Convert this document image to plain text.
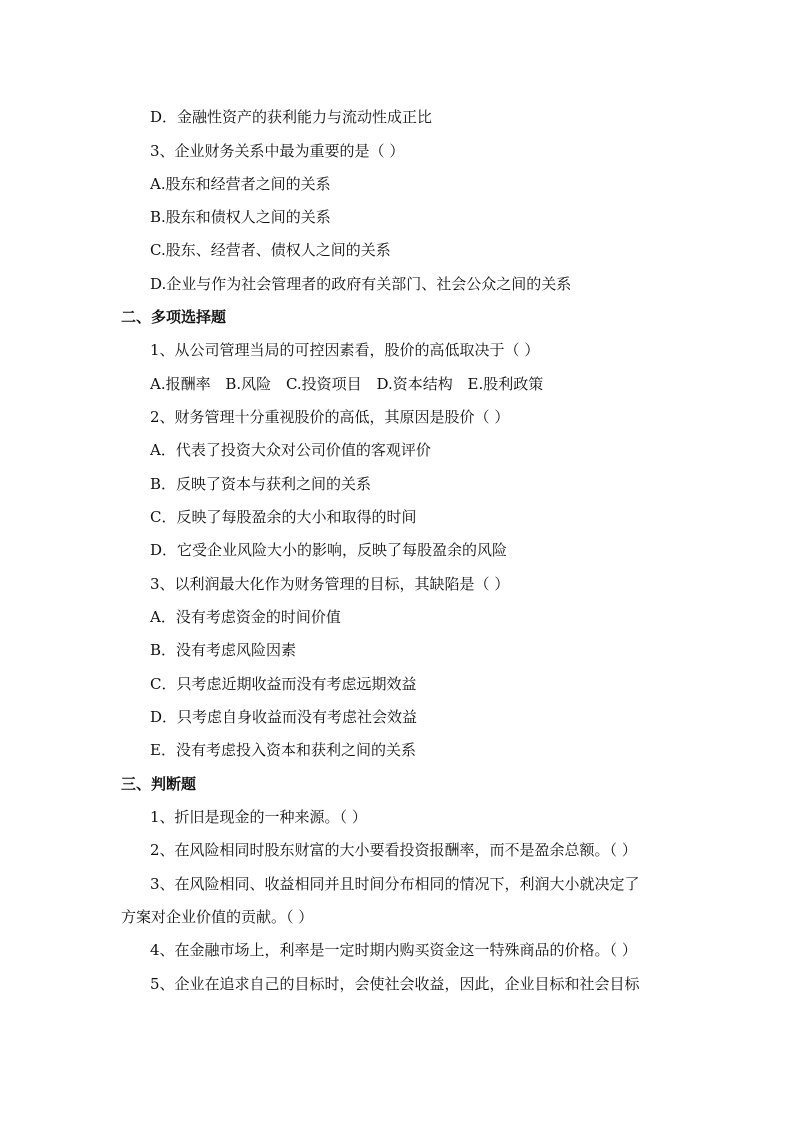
D．金融性资产的获利能力与流动性成正比
3、企业财务关系中最为重要的是（ ）
A.股东和经营者之间的关系
B.股东和债权人之间的关系
C.股东、经营者、债权人之间的关系
D.企业与作为社会管理者的政府有关部门、社会公众之间的关系
二、多项选择题
1、从公司管理当局的可控因素看，股价的高低取决于（ ）
A.报酬率 B.风险 C.投资项目 D.资本结构 E.股利政策
2、财务管理十分重视股价的高低，其原因是股价（ ）
A．代表了投资大众对公司价值的客观评价
B．反映了资本与获利之间的关系
C．反映了每股盈余的大小和取得的时间
D．它受企业风险大小的影响，反映了每股盈余的风险
3、以利润最大化作为财务管理的目标，其缺陷是（ ）
A．没有考虑资金的时间价值
B．没有考虑风险因素
C．只考虑近期收益而没有考虑远期效益
D．只考虑自身收益而没有考虑社会效益
E．没有考虑投入资本和获利之间的关系
三、判断题
1、折旧是现金的一种来源。（ ）
2、在风险相同时股东财富的大小要看投资报酬率，而不是盈余总额。（ ）
3、在风险相同、收益相同并且时间分布相同的情况下，利润大小就决定了
方案对企业价值的贡献。（ ）
4、在金融市场上，利率是一定时期内购买资金这一特殊商品的价格。（ ）
5、企业在追求自己的目标时，会使社会收益，因此，企业目标和社会目标
